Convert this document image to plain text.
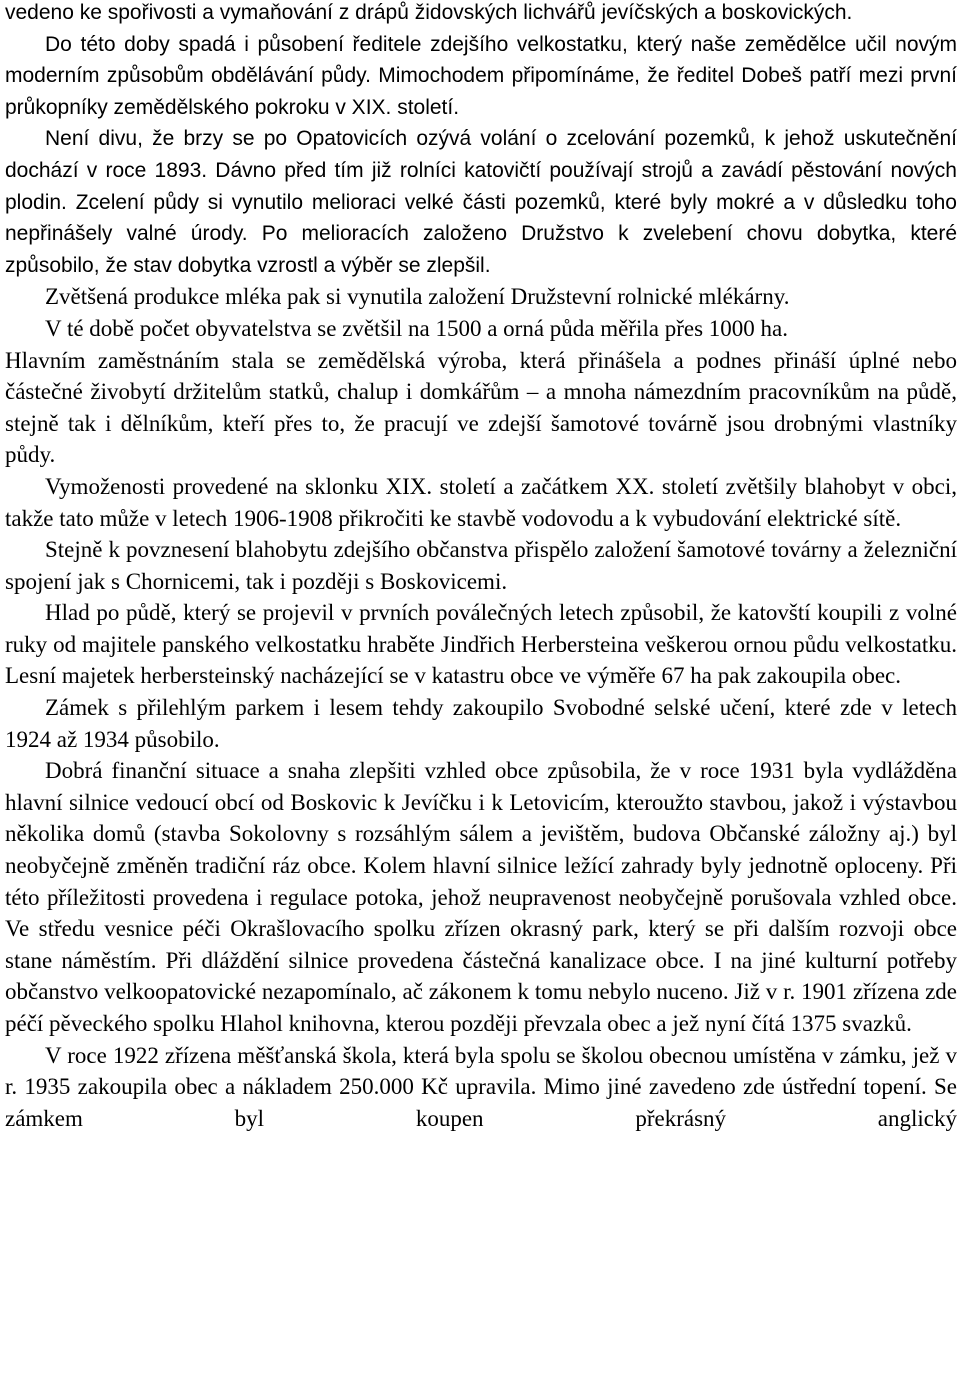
vedeno ke spořivosti a vymaňování z drápů židovských lichvářů jevíčských a boskovických.

Do této doby spadá i působení ředitele zdejšího velkostatku, který naše zemědělce učil novým moderním způsobům obdělávání půdy. Mimochodem připomínáme, že ředitel Dobeš patří mezi první průkopníky zemědělského pokroku v XIX. století.

Není divu, že brzy se po Opatovicích ozývá volání o zcelování pozemků, k jehož uskutečnění dochází v roce 1893. Dávno před tím již rolníci katovičtí používají strojů a zavádí pěstování nových plodin. Zcelení půdy si vynutilo melioraci velké části pozemků, které byly mokré a v důsledku toho nepřinášely valné úrody. Po melioracích založeno Družstvo k zvelebení chovu dobytka, které způsobilo, že stav dobytka vzrostl a výběr se zlepšil.

Zvětšená produkce mléka pak si vynutila založení Družstevní rolnické mlékárny.

V té době počet obyvatelstva se zvětšil na 1500 a orná půda měřila přes 1000 ha.

Hlavním zaměstnáním stala se zemědělská výroba, která přinášela a podnes přináší úplné nebo částečné živobytí držitelům statků, chalup i domkářům – a mnoha námezdním pracovníkům na půdě, stejně tak i dělníkům, kteří přes to, že pracují ve zdejší šamotové továrně jsou drobnými vlastníky půdy.

Vymoženosti provedené na sklonku XIX. století a začátkem XX. století zvětšily blahobyt v obci, takže tato může v letech 1906-1908 přikročiti ke stavbě vodovodu a k vybudování elektrické sítě.

Stejně k povznesení blahobytu zdejšího občanstva přispělo založení šamotové továrny a železniční spojení jak s Chornicemi, tak i později s Boskovicemi.

Hlad po půdě, který se projevil v prvních poválečných letech způsobil, že katovští koupili z volné ruky od majitele panského velkostatku hraběte Jindřich Herbersteina veškerou ornou půdu velkostatku. Lesní majetek herbersteinský nacházející se v katastru obce ve výměře 67 ha pak zakoupila obec.

Zámek s přilehlým parkem i lesem tehdy zakoupilo Svobodné selské učení, které zde v letech 1924 až 1934 působilo.

Dobrá finanční situace a snaha zlepšiti vzhled obce způsobila, že v roce 1931 byla vydlážděna hlavní silnice vedoucí obcí od Boskovic k Jevíčku i k Letovicím, kteroužto stavbou, jakož i výstavbou několika domů (stavba Sokolovny s rozsáhlým sálem a jevištěm, budova Občanské záložny aj.) byl neobyčejně změněn tradiční ráz obce. Kolem hlavní silnice ležící zahrady byly jednotně oploceny. Při této příležitosti provedena i regulace potoka, jehož neupravenost neobyčejně porušovala vzhled obce. Ve středu vesnice péči Okrašlovacího spolku zřízen okrasný park, který se při dalším rozvoji obce stane náměstím. Při dláždění silnice provedena částečná kanalizace obce. I na jiné kulturní potřeby občanstvo velkoopatovické nezapomínalo, ač zákonem k tomu nebylo nuceno. Již v r. 1901 zřízena zde péčí pěveckého spolku Hlahol knihovna, kterou později převzala obec a jež nyní čítá 1375 svazků.

V roce 1922 zřízena měšťanská škola, která byla spolu se školou obecnou umístěna v zámku, jež v r. 1935 zakoupila obec a nákladem 250.000 Kč upravila. Mimo jiné zavedeno zde ústřední topení. Se zámkem byl koupen překrásný anglický
